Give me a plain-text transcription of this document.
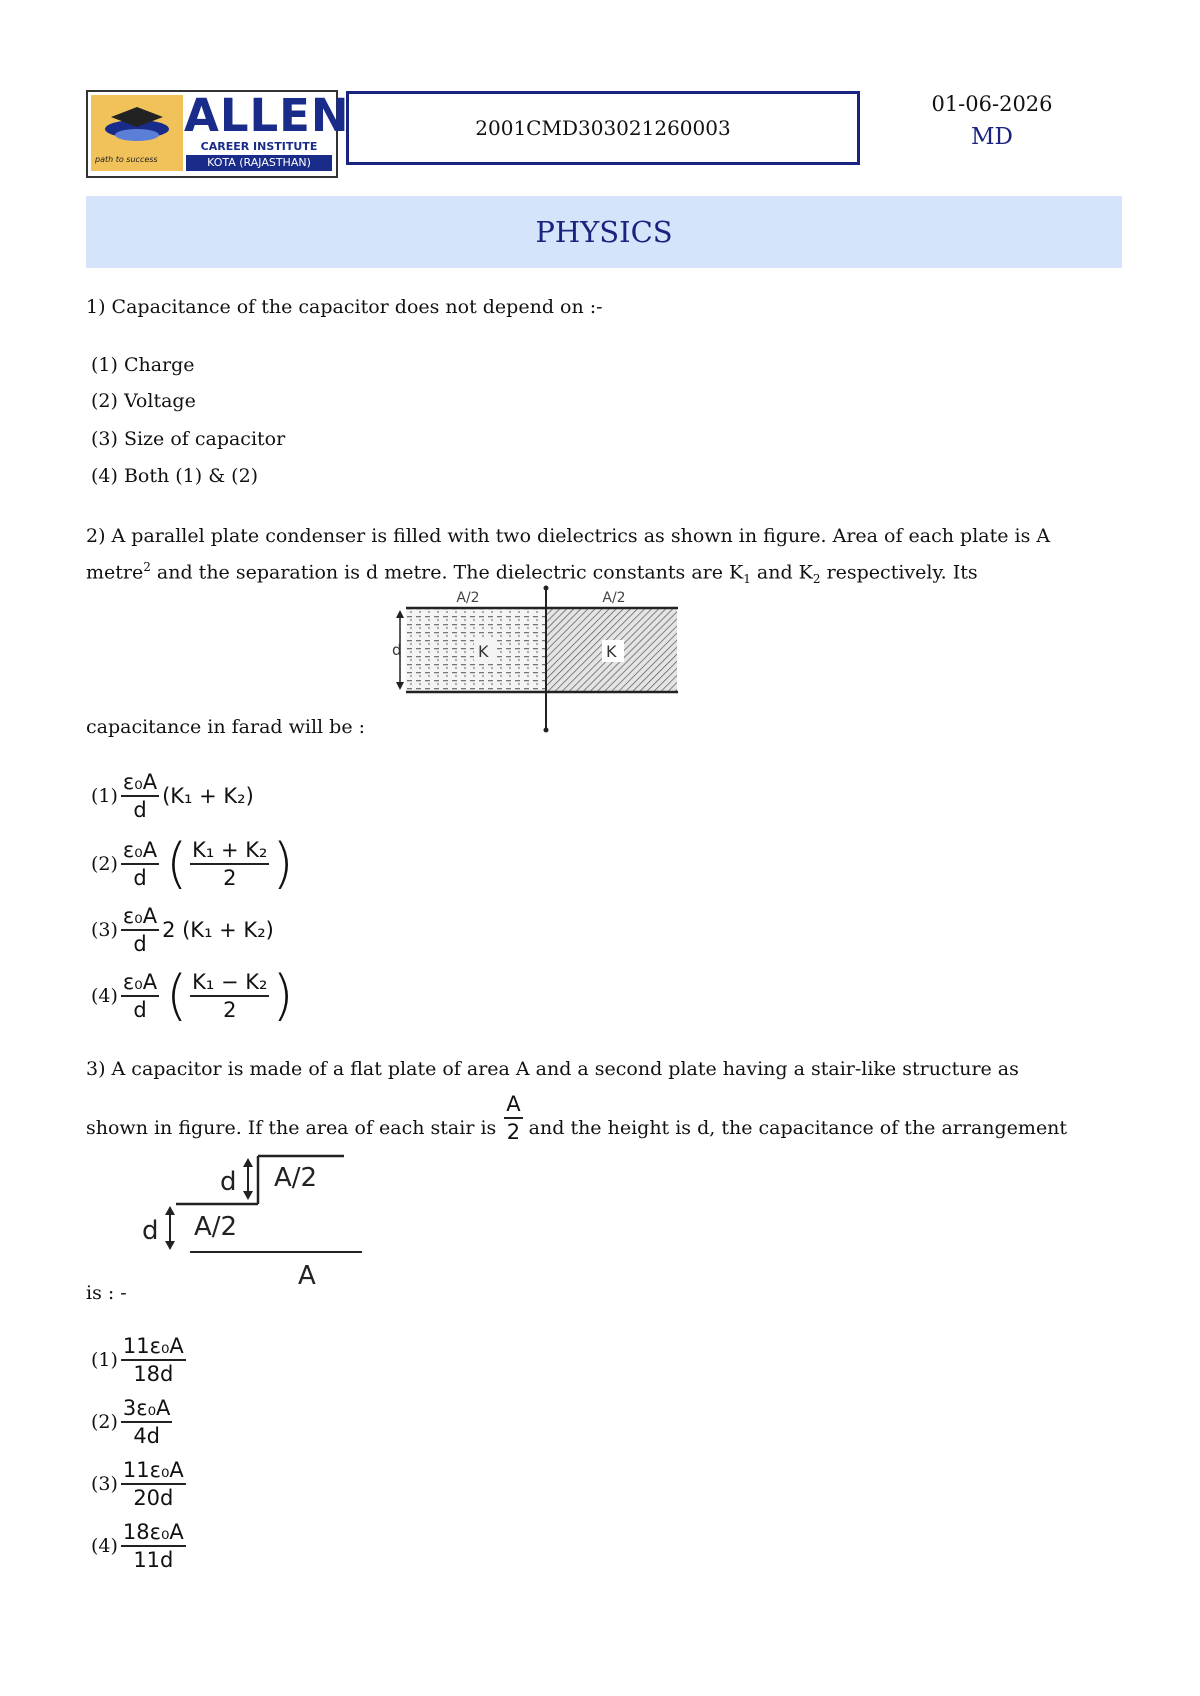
path to success
ALLEN
CAREER INSTITUTE
KOTA (RAJASTHAN)
2001CMD303021260003
01-06-2026
MD
PHYSICS
1) Capacitance of the capacitor does not depend on :-
(1) Charge
(2) Voltage
(3) Size of capacitor
(4) Both (1) & (2)
2) A parallel plate condenser is filled with two dielectrics as shown in figure. Area of each plate is A
metre$^2$ and the separation is d metre. The dielectric constants are $K_1$ and $K_2$ respectively. Its
A/2	A/2
d	K	K
capacitance in farad will be :
$(1) \frac{\text{ε₀A}}{d} (K_1 + K_2)$
$(2) \frac{\text{ε₀A}}{d}$ ( $\frac{\text{K₁ + K₂}}{2}$ )
$(3) \frac{\text{ε₀A}}{d} 2$ (K₁ + K₂)
$(4) \frac{\text{ε₀A}}{d}$ ( $\frac{\text{K₁ − K₂}}{2}$ )
3) A capacitor is made of a flat plate of area A and a second plate having a stair-like structure as
shown in figure. If the area of each stair is $\frac{A}{2}$ and the height is d, the capacitance of the arrangement
d
d
A/2
A/2
A
is : -
$(1) \frac{\text{11ε₀A}}{18d}$
$(2) \frac{\text{3ε₀A}}{4d}$
$(3) \frac{\text{11ε₀A}}{20d}$
$(4) \frac{\text{18ε₀A}}{11d}$
